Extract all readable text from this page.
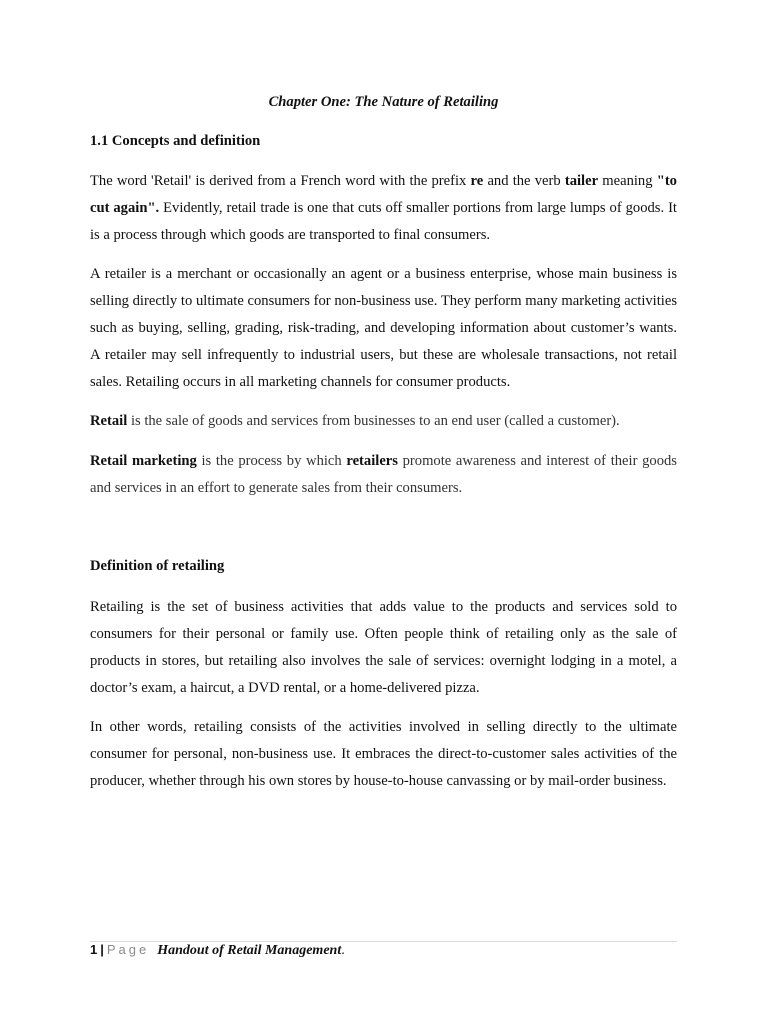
Chapter One: The Nature of Retailing
1.1 Concepts and definition

The word 'Retail' is derived from a French word with the prefix re and the verb tailer meaning "to cut again". Evidently, retail trade is one that cuts off smaller portions from large lumps of goods. It is a process through which goods are transported to final consumers.

A retailer is a merchant or occasionally an agent or a business enterprise, whose main business is selling directly to ultimate consumers for non-business use. They perform many marketing activities such as buying, selling, grading, risk-trading, and developing information about customer’s wants. A retailer may sell infrequently to industrial users, but these are wholesale transactions, not retail sales. Retailing occurs in all marketing channels for consumer products.

Retail is the sale of goods and services from businesses to an end user (called a customer).

Retail marketing is the process by which retailers promote awareness and interest of their goods and services in an effort to generate sales from their consumers.

Definition of retailing

Retailing is the set of business activities that adds value to the products and services sold to consumers for their personal or family use. Often people think of retailing only as the sale of products in stores, but retailing also involves the sale of services: overnight lodging in a motel, a doctor’s exam, a haircut, a DVD rental, or a home-delivered pizza.

In other words, retailing consists of the activities involved in selling directly to the ultimate consumer for personal, non-business use. It embraces the direct-to-customer sales activities of the producer, whether through his own stores by house-to-house canvassing or by mail-order business.

1 | Page Handout of Retail Management.
